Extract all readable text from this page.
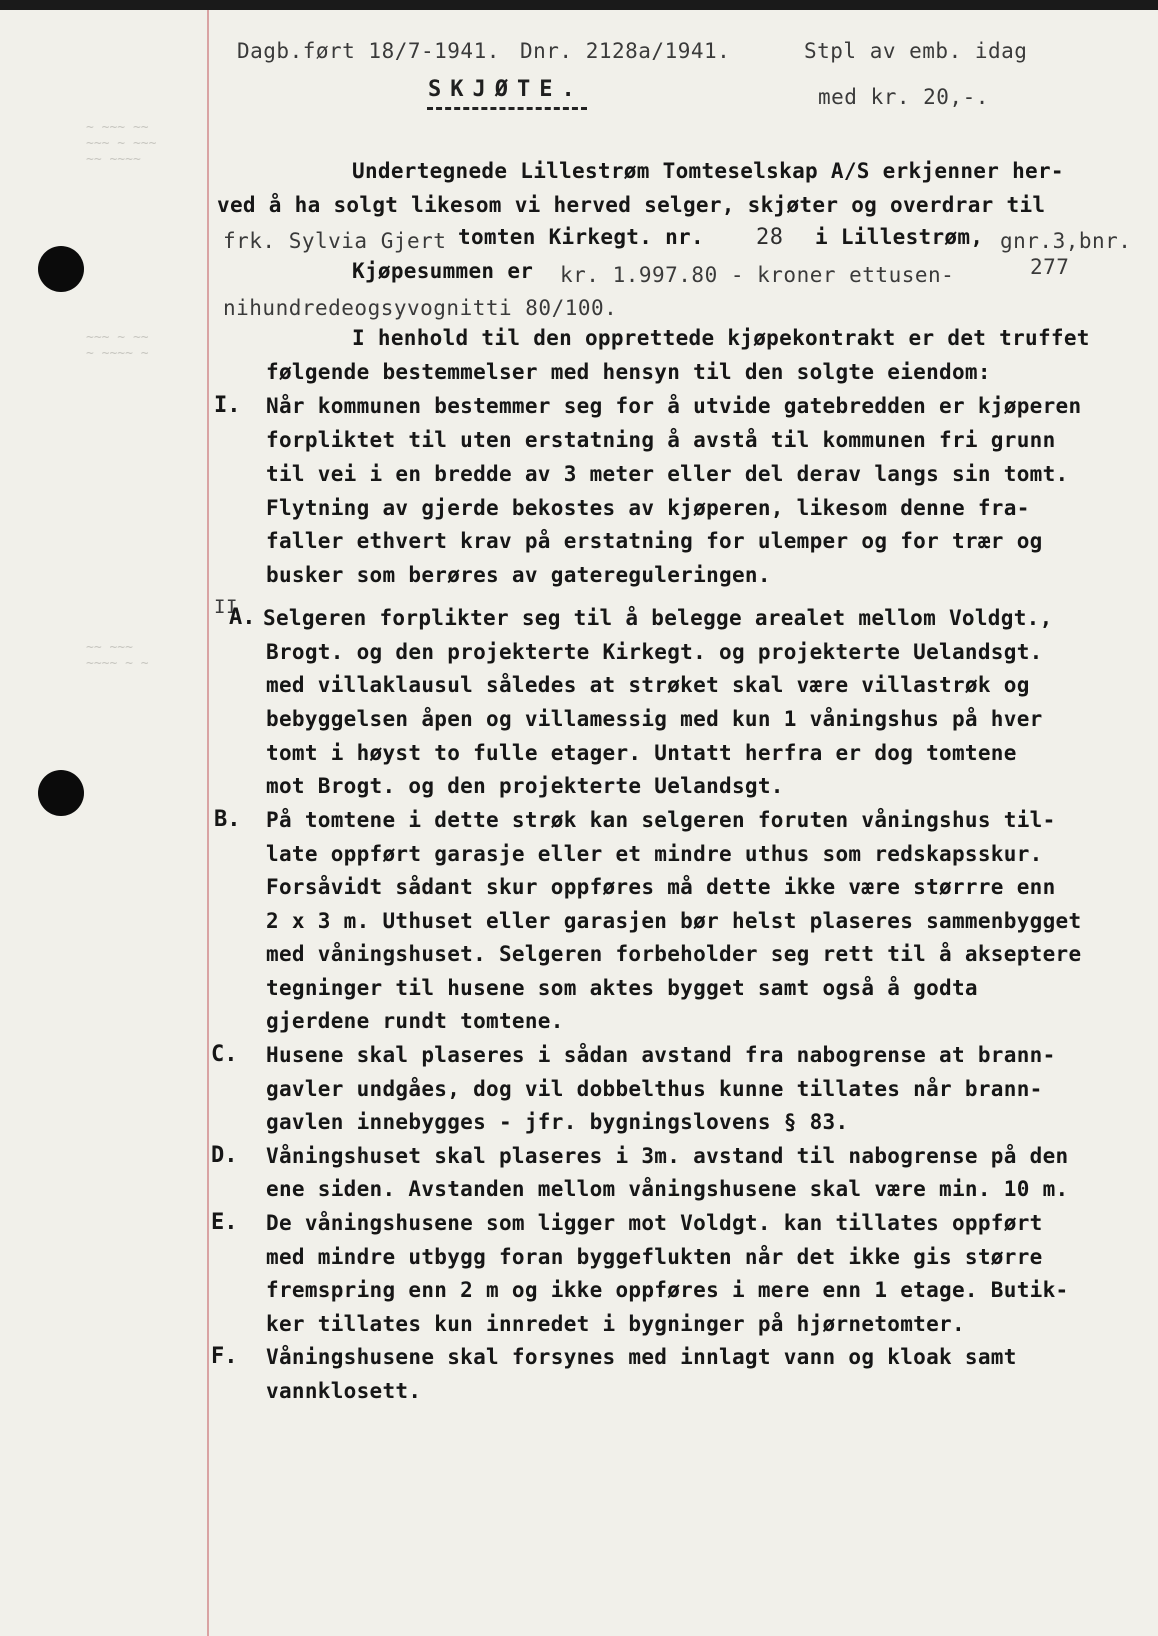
~ ~~~ ~~
~~~ ~ ~~~
~~ ~~~~
~~~ ~ ~~
~ ~~~~ ~
~~ ~~~
~~~~ ~ ~
Dagb.ført 18/7-1941. Dnr. 2128a/1941.	Stpl av emb. idag
SKJØTE.	med kr. 20,-.
Undertegnede Lillestrøm Tomteselskap A/S erkjenner her-
ved å ha solgt likesom vi herved selger, skjøter og overdrar til
frk. Sylvia Gjert tomten Kirkegt. nr. 28 i Lillestrøm, gnr.3,bnr.
277
Kjøpesummen er kr. 1.997.80 - kroner ettusen-
nihundredeogsyvognitti 80/100.
I henhold til den opprettede kjøpekontrakt er det truffet
følgende bestemmelser med hensyn til den solgte eiendom:
I. Når kommunen bestemmer seg for å utvide gatebredden er kjøperen
forpliktet til uten erstatning å avstå til kommunen fri grunn
til vei i en bredde av 3 meter eller del derav langs sin tomt.
Flytning av gjerde bekostes av kjøperen, likesom denne fra-
faller ethvert krav på erstatning for ulemper og for trær og
busker som berøres av gatereguleringen.
II
A. Selgeren forplikter seg til å belegge arealet mellom Voldgt.,
Brogt. og den projekterte Kirkegt. og projekterte Uelandsgt.
med villaklausul således at strøket skal være villastrøk og
bebyggelsen åpen og villamessig med kun 1 våningshus på hver
tomt i høyst to fulle etager. Untatt herfra er dog tomtene
mot Brogt. og den projekterte Uelandsgt.
B. På tomtene i dette strøk kan selgeren foruten våningshus til-
late oppført garasje eller et mindre uthus som redskapsskur.
Forsåvidt sådant skur oppføres må dette ikke være størrre enn
2 x 3 m. Uthuset eller garasjen bør helst plaseres sammenbygget
med våningshuset. Selgeren forbeholder seg rett til å akseptere
tegninger til husene som aktes bygget samt også å godta
gjerdene rundt tomtene.
C. Husene skal plaseres i sådan avstand fra nabogrense at brann-
gavler undgåes, dog vil dobbelthus kunne tillates når brann-
gavlen innebygges - jfr. bygningslovens § 83.
D. Våningshuset skal plaseres i 3m. avstand til nabogrense på den
ene siden. Avstanden mellom våningshusene skal være min. 10 m.
E. De våningshusene som ligger mot Voldgt. kan tillates oppført
med mindre utbygg foran byggeflukten når det ikke gis større
fremspring enn 2 m og ikke oppføres i mere enn 1 etage. Butik-
ker tillates kun innredet i bygninger på hjørnetomter.
F. Våningshusene skal forsynes med innlagt vann og kloak samt
vannklosett.
